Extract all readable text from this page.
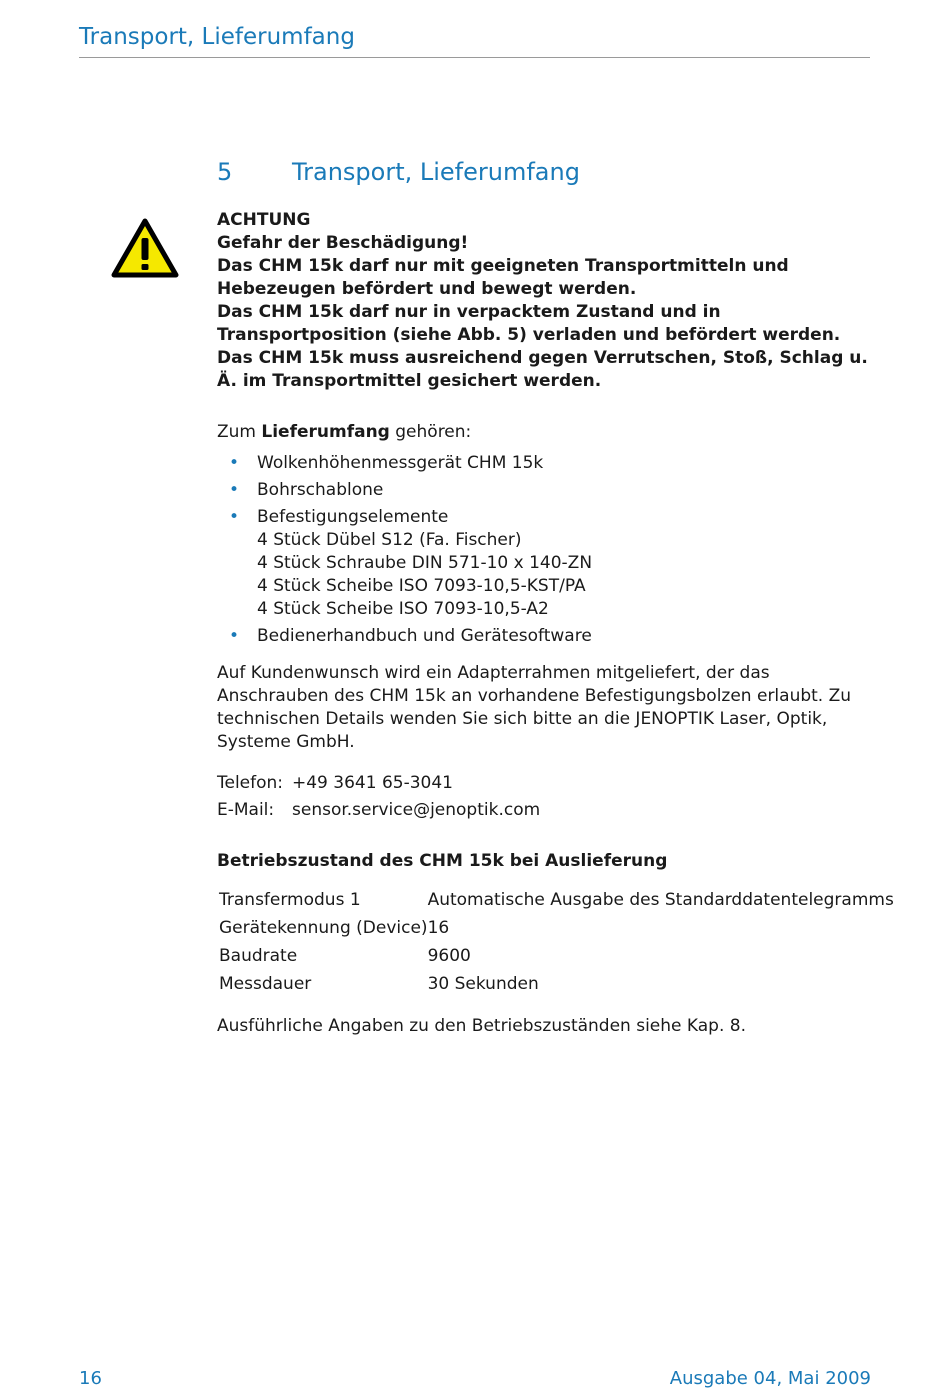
Transport, Lieferumfang
5 Transport, Lieferumfang

ACHTUNG

Gefahr der Beschädigung!

Das CHM 15k darf nur mit geeigneten Transportmitteln und Hebezeugen befördert und bewegt werden.

Das CHM 15k darf nur in verpacktem Zustand und in Transportposition (siehe Abb. 5) verladen und befördert werden.

Das CHM 15k muss ausreichend gegen Verrutschen, Stoß, Schlag u. Ä. im Transportmittel gesichert werden.

Zum Lieferumfang gehören:
• Wolkenhöhenmessgerät CHM 15k
• Bohrschablone
• Befestigungselemente
4 Stück Dübel S12 (Fa. Fischer)
4 Stück Schraube DIN 571-10 x 140-ZN
4 Stück Scheibe ISO 7093-10,5-KST/PA
4 Stück Scheibe ISO 7093-10,5-A2
• Bedienerhandbuch und Gerätesoftware
Auf Kundenwunsch wird ein Adapterrahmen mitgeliefert, der das Anschrauben des CHM 15k an vorhandene Befestigungsbolzen erlaubt. Zu technischen Details wenden Sie sich bitte an die JENOPTIK Laser, Optik, Systeme GmbH.
Telefon: +49 3641 65-3041
E-Mail: sensor.service@jenoptik.com
Betriebszustand des CHM 15k bei Auslieferung
Transfermodus 1	Automatische Ausgabe des Standarddatentelegramms
Gerätekennung (Device)	16
Baudrate	9600
Messdauer	30 Sekunden
Ausführliche Angaben zu den Betriebszuständen siehe Kap. 8.
16	Ausgabe 04, Mai 2009
